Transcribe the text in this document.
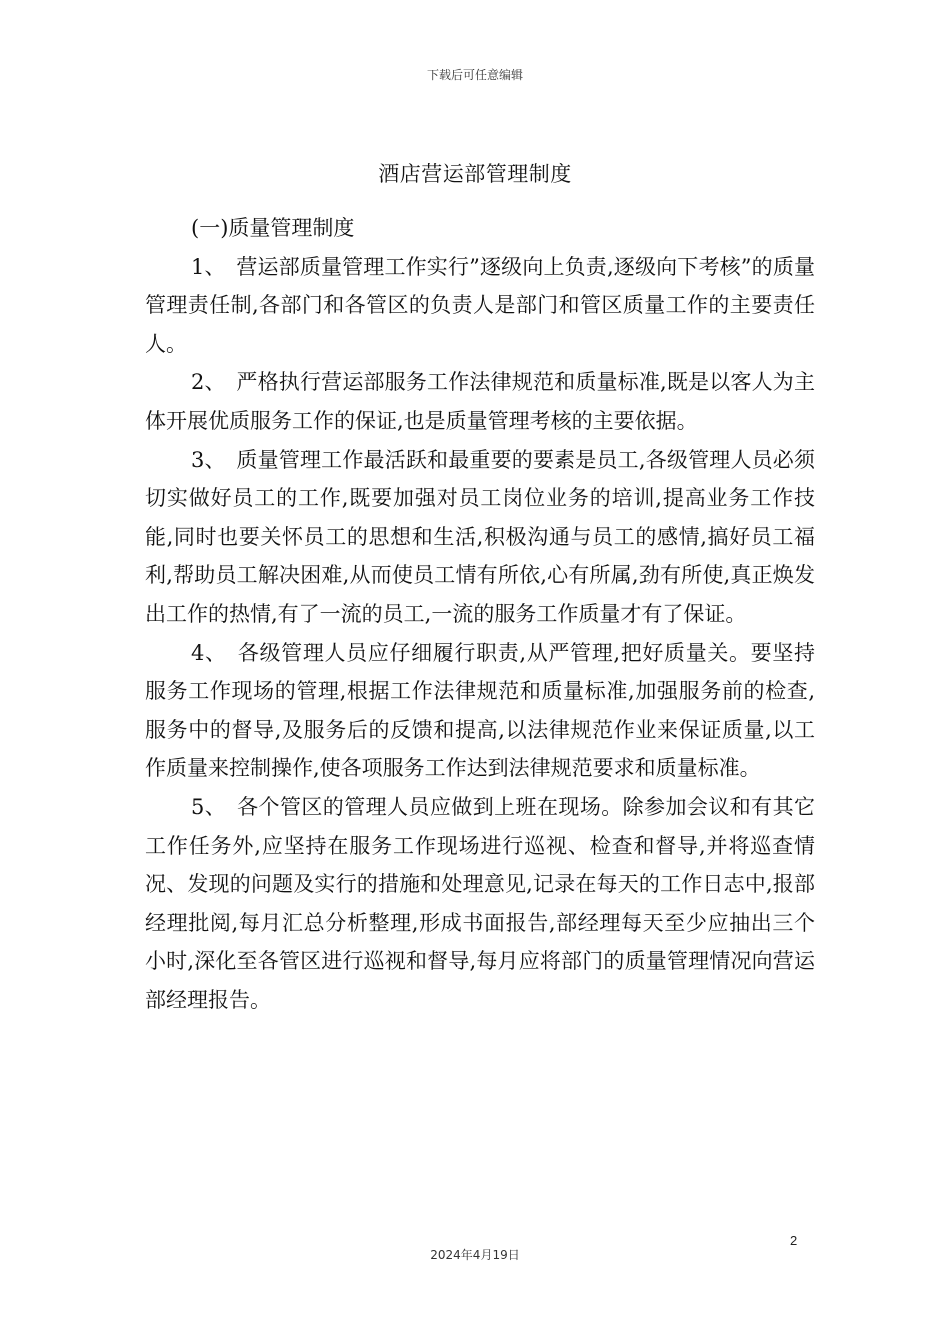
下载后可任意编辑
酒店营运部管理制度

(一)质量管理制度

1、　营运部质量管理工作实行”逐级向上负责,逐级向下考核”的质量管理责任制,各部门和各管区的负责人是部门和管区质量工作的主要责任人。

2、　严格执行营运部服务工作法律规范和质量标准,既是以客人为主体开展优质服务工作的保证,也是质量管理考核的主要依据。

3、　质量管理工作最活跃和最重要的要素是员工,各级管理人员必须切实做好员工的工作,既要加强对员工岗位业务的培训,提高业务工作技能,同时也要关怀员工的思想和生活,积极沟通与员工的感情,搞好员工福利,帮助员工解决困难,从而使员工情有所依,心有所属,劲有所使,真正焕发出工作的热情,有了一流的员工,一流的服务工作质量才有了保证。

4、　各级管理人员应仔细履行职责,从严管理,把好质量关。要坚持服务工作现场的管理,根据工作法律规范和质量标准,加强服务前的检查,服务中的督导,及服务后的反馈和提高,以法律规范作业来保证质量,以工作质量来控制操作,使各项服务工作达到法律规范要求和质量标准。

5、　各个管区的管理人员应做到上班在现场。除参加会议和有其它工作任务外,应坚持在服务工作现场进行巡视、检查和督导,并将巡查情况、发现的问题及实行的措施和处理意见,记录在每天的工作日志中,报部经理批阅,每月汇总分析整理,形成书面报告,部经理每天至少应抽出三个小时,深化至各管区进行巡视和督导,每月应将部门的质量管理情况向营运部经理报告。

2
2024年4月19日
